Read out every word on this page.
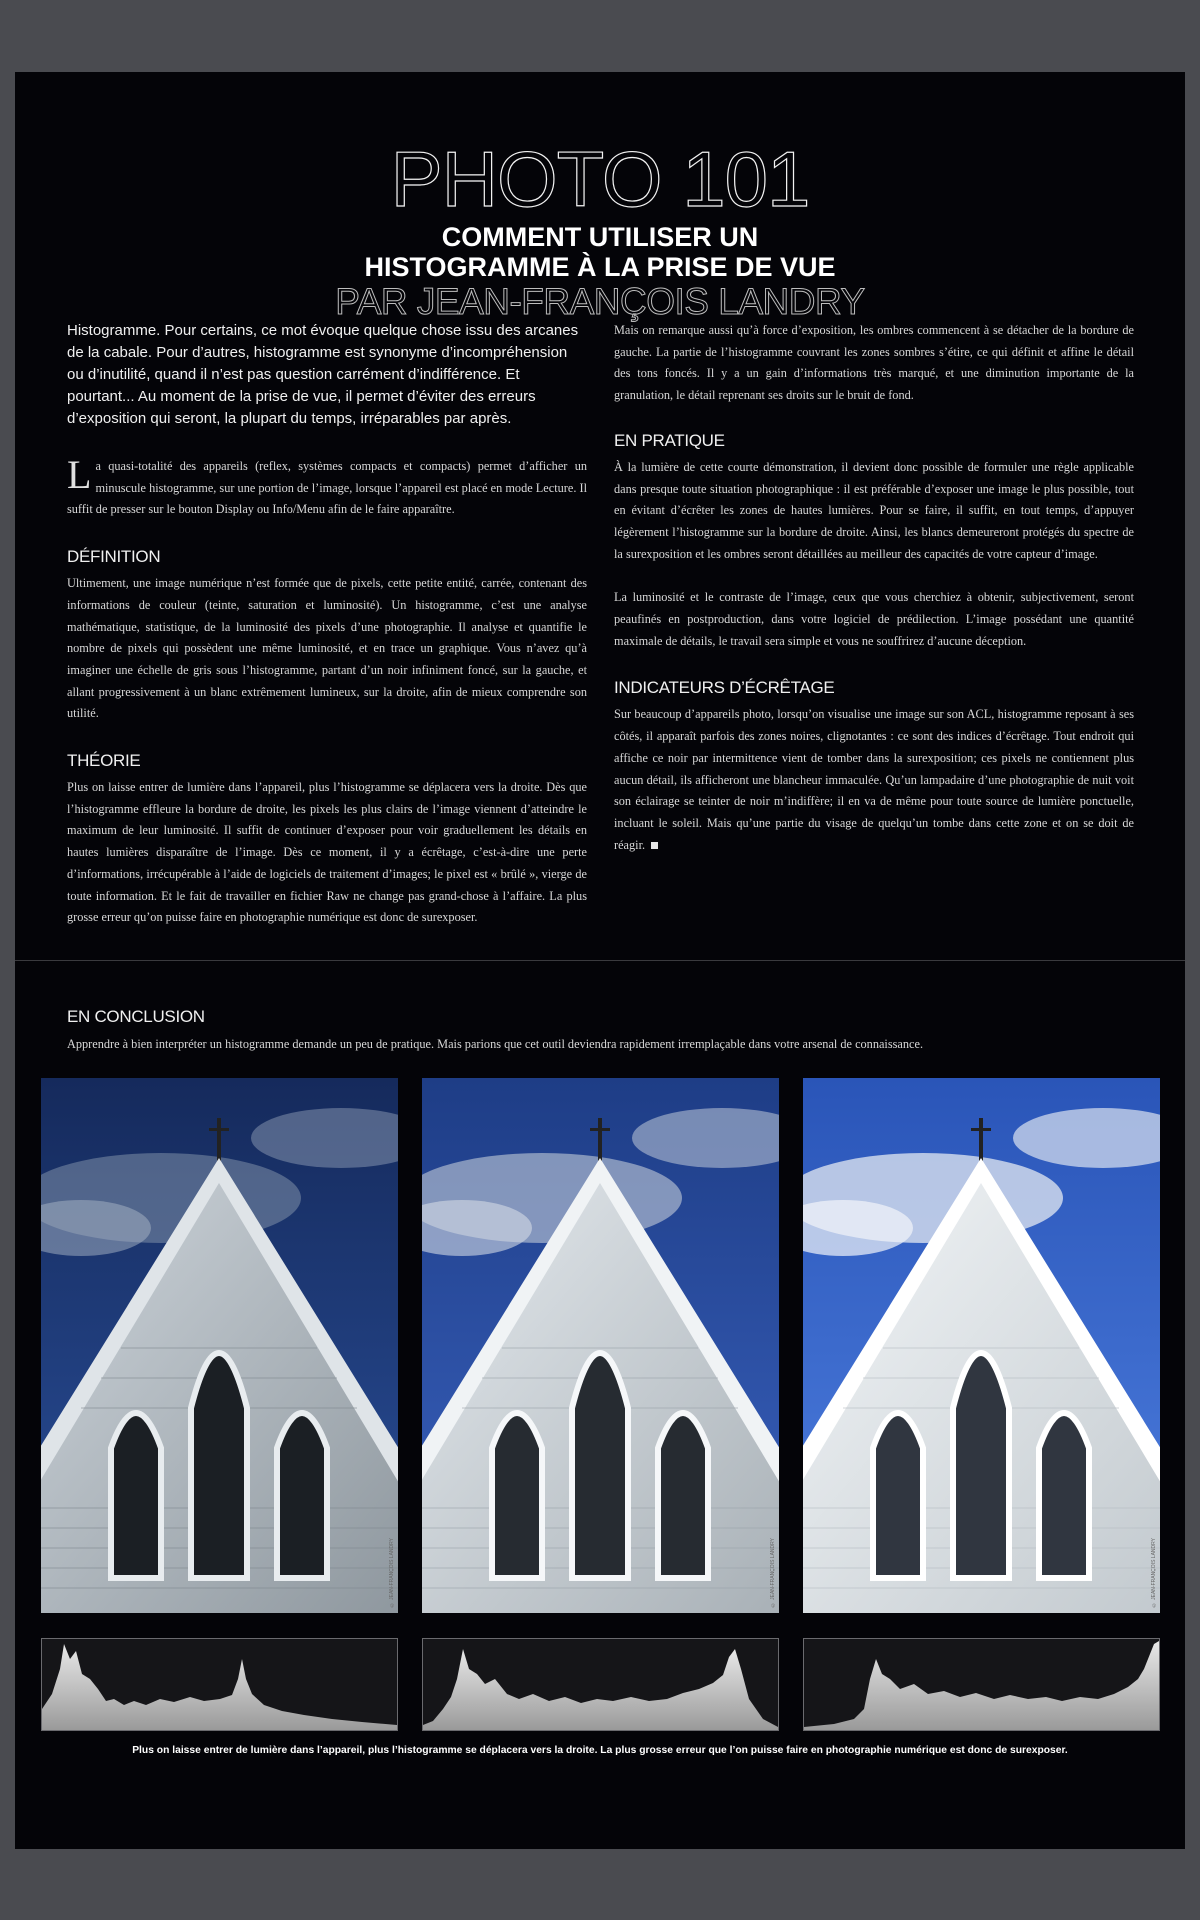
PHOTO 101
COMMENT UTILISER UN
HISTOGRAMME À LA PRISE DE VUE
PAR JEAN-FRANÇOIS LANDRY

Histogramme. Pour certains, ce mot évoque quelque chose issu des arcanes de la cabale. Pour d’autres, histogramme est synonyme d’incompréhension ou d’inutilité, quand il n’est pas question carrément d’indifférence. Et pourtant... Au moment de la prise de vue, il permet d’éviter des erreurs d’exposition qui seront, la plupart du temps, irréparables par après.

La quasi-totalité des appareils (reflex, systèmes compacts et compacts) permet d’afficher un minuscule histogramme, sur une portion de l’image, lorsque l’appareil est placé en mode Lecture. Il suffit de presser sur le bouton Display ou Info/Menu afin de le faire apparaître.

DÉFINITION

Ultimement, une image numérique n’est formée que de pixels, cette petite entité, carrée, contenant des informations de couleur (teinte, saturation et luminosité). Un histogramme, c’est une analyse mathématique, statistique, de la luminosité des pixels d’une photographie. Il analyse et quantifie le nombre de pixels qui possèdent une même luminosité, et en trace un graphique. Vous n’avez qu’à imaginer une échelle de gris sous l’histogramme, partant d’un noir infiniment foncé, sur la gauche, et allant progressivement à un blanc extrêmement lumineux, sur la droite, afin de mieux comprendre son utilité.

THÉORIE

Plus on laisse entrer de lumière dans l’appareil, plus l’histogramme se déplacera vers la droite. Dès que l’histogramme effleure la bordure de droite, les pixels les plus clairs de l’image viennent d’atteindre le maximum de leur luminosité. Il suffit de continuer d’exposer pour voir graduellement les détails en hautes lumières disparaître de l’image. Dès ce moment, il y a écrêtage, c’est-à-dire une perte d’informations, irrécupérable à l’aide de logiciels de traitement d’images; le pixel est « brûlé », vierge de toute information. Et le fait de travailler en fichier Raw ne change pas grand-chose à l’affaire. La plus grosse erreur qu’on puisse faire en photographie numérique est donc de surexposer.

Mais on remarque aussi qu’à force d’exposition, les ombres commencent à se détacher de la bordure de gauche. La partie de l’histogramme couvrant les zones sombres s’étire, ce qui définit et affine le détail des tons foncés. Il y a un gain d’informations très marqué, et une diminution importante de la granulation, le détail reprenant ses droits sur le bruit de fond.

EN PRATIQUE

À la lumière de cette courte démonstration, il devient donc possible de formuler une règle applicable dans presque toute situation photographique : il est préférable d’exposer une image le plus possible, tout en évitant d’écrêter les zones de hautes lumières. Pour se faire, il suffit, en tout temps, d’appuyer légèrement l’histogramme sur la bordure de droite. Ainsi, les blancs demeureront protégés du spectre de la surexposition et les ombres seront détaillées au meilleur des capacités de votre capteur d’image.

La luminosité et le contraste de l’image, ceux que vous cherchiez à obtenir, subjectivement, seront peaufinés en postproduction, dans votre logiciel de prédilection. L’image possédant une quantité maximale de détails, le travail sera simple et vous ne souffrirez d’aucune déception.

INDICATEURS D’ÉCRÊTAGE

Sur beaucoup d’appareils photo, lorsqu’on visualise une image sur son ACL, histogramme reposant à ses côtés, il apparaît parfois des zones noires, clignotantes : ce sont des indices d’écrêtage. Tout endroit qui affiche ce noir par intermittence vient de tomber dans la surexposition; ces pixels ne contiennent plus aucun détail, ils afficheront une blancheur immaculée. Qu’un lampadaire d’une photographie de nuit voit son éclairage se teinter de noir m’indiffère; il en va de même pour toute source de lumière ponctuelle, incluant le soleil. Mais qu’une partie du visage de quelqu’un tombe dans cette zone et on se doit de réagir.

EN CONCLUSION
Apprendre à bien interpréter un histogramme demande un peu de pratique. Mais parions que cet outil deviendra rapidement irremplaçable dans votre arsenal de connaissance.
© JEAN-FRANÇOIS LANDRY	© JEAN-FRANÇOIS LANDRY	© JEAN-FRANÇOIS LANDRY
Plus on laisse entrer de lumière dans l’appareil, plus l’histogramme se déplacera vers la droite. La plus grosse erreur que l’on puisse faire en photographie numérique est donc de surexposer.
